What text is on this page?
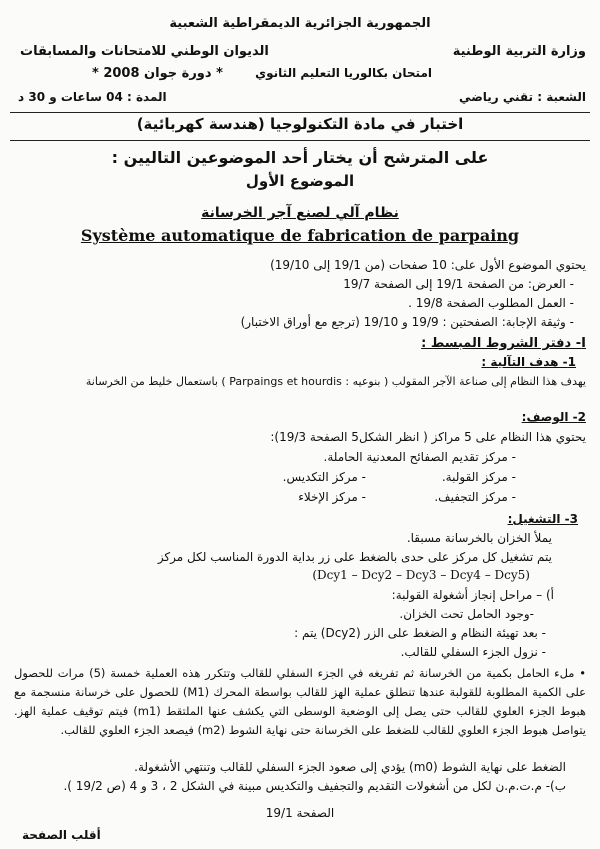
الجمهورية الجزائرية الديمقراطية الشعبية
وزارة التربية الوطنية
الديوان الوطني للامتحانات والمسابقات
امتحان بكالوريا التعليم الثانوي
* دورة جوان 2008 *
الشعبة : تقني رياضي
المدة : 04 ساعات و 30 د
اختبار في مادة التكنولوجيا (هندسة كهربائية)
على المترشح أن يختار أحد الموضوعين التاليين :
الموضوع الأول
نظام آلي لصنع آجر الخرسانة
Système automatique de fabrication de parpaing
يحتوي الموضوع الأول على: 10 صفحات (من 19/1 إلى 19/10)
- العرض: من الصفحة 19/1 إلى الصفحة 19/7
- العمل المطلوب الصفحة 19/8 .
- وثيقة الإجابة: الصفحتين : 19/9 و 19/10 (ترجع مع أوراق الاختبار)
I- دفتر الشروط المبسط :
1- هدف التآلية :
يهدف هذا النظام إلى صناعة الآجر المقولب ( بنوعيه : Parpaings et hourdis ) باستعمال خليط من الخرسانة
2- الوصف:
يحتوي هذا النظام على 5 مراكز ( انظر الشكل5 الصفحة 19/3):
- مركز تقديم الصفائح المعدنية الحاملة.
- مركز القولبة.
- مركز التكديس.
- مركز التجفيف.
- مركز الإخلاء
3- التشغيل:
يملأ الخزان بالخرسانة مسبقا.
يتم تشغيل كل مركز على حدى بالضغط على زر بداية الدورة المناسب لكل مركز
(Dcy1 – Dcy2 – Dcy3 – Dcy4 – Dcy5)
أ) – مراحل إنجاز أشغولة القولبة:
-وجود الحامل تحت الخزان.
- بعد تهيئة النظام و الضغط على الزر (Dcy2) يتم :
- نزول الجزء السفلي للقالب.
• ملء الحامل بكمية من الخرسانة ثم تفريغه في الجزء السفلي للقالب وتتكرر هذه العملية خمسة (5) مرات للحصول على الكمية المطلوبة للقولبة عندها تنطلق عملية الهز للقالب بواسطة المحرك (M1) للحصول على خرسانة منسجمة مع هبوط الجزء العلوي للقالب حتى يصل إلى الوضعية الوسطى التي يكشف عنها الملتقط (m1) فيتم توقيف عملية الهز. يتواصل هبوط الجزء العلوي للقالب للضغط على الخرسانة حتى نهاية الشوط (m2) فيصعد الجزء العلوي للقالب.
الضغط على نهاية الشوط (m0) يؤدي إلى صعود الجزء السفلي للقالب وتنتهي الأشغولة.
ب)- م.ت.م.ن لكل من أشغولات التقديم والتجفيف والتكديس مبينة في الشكل 2 ، 3 و 4 (ص 19/2 ).
الصفحة 19/1
أقلب الصفحة
